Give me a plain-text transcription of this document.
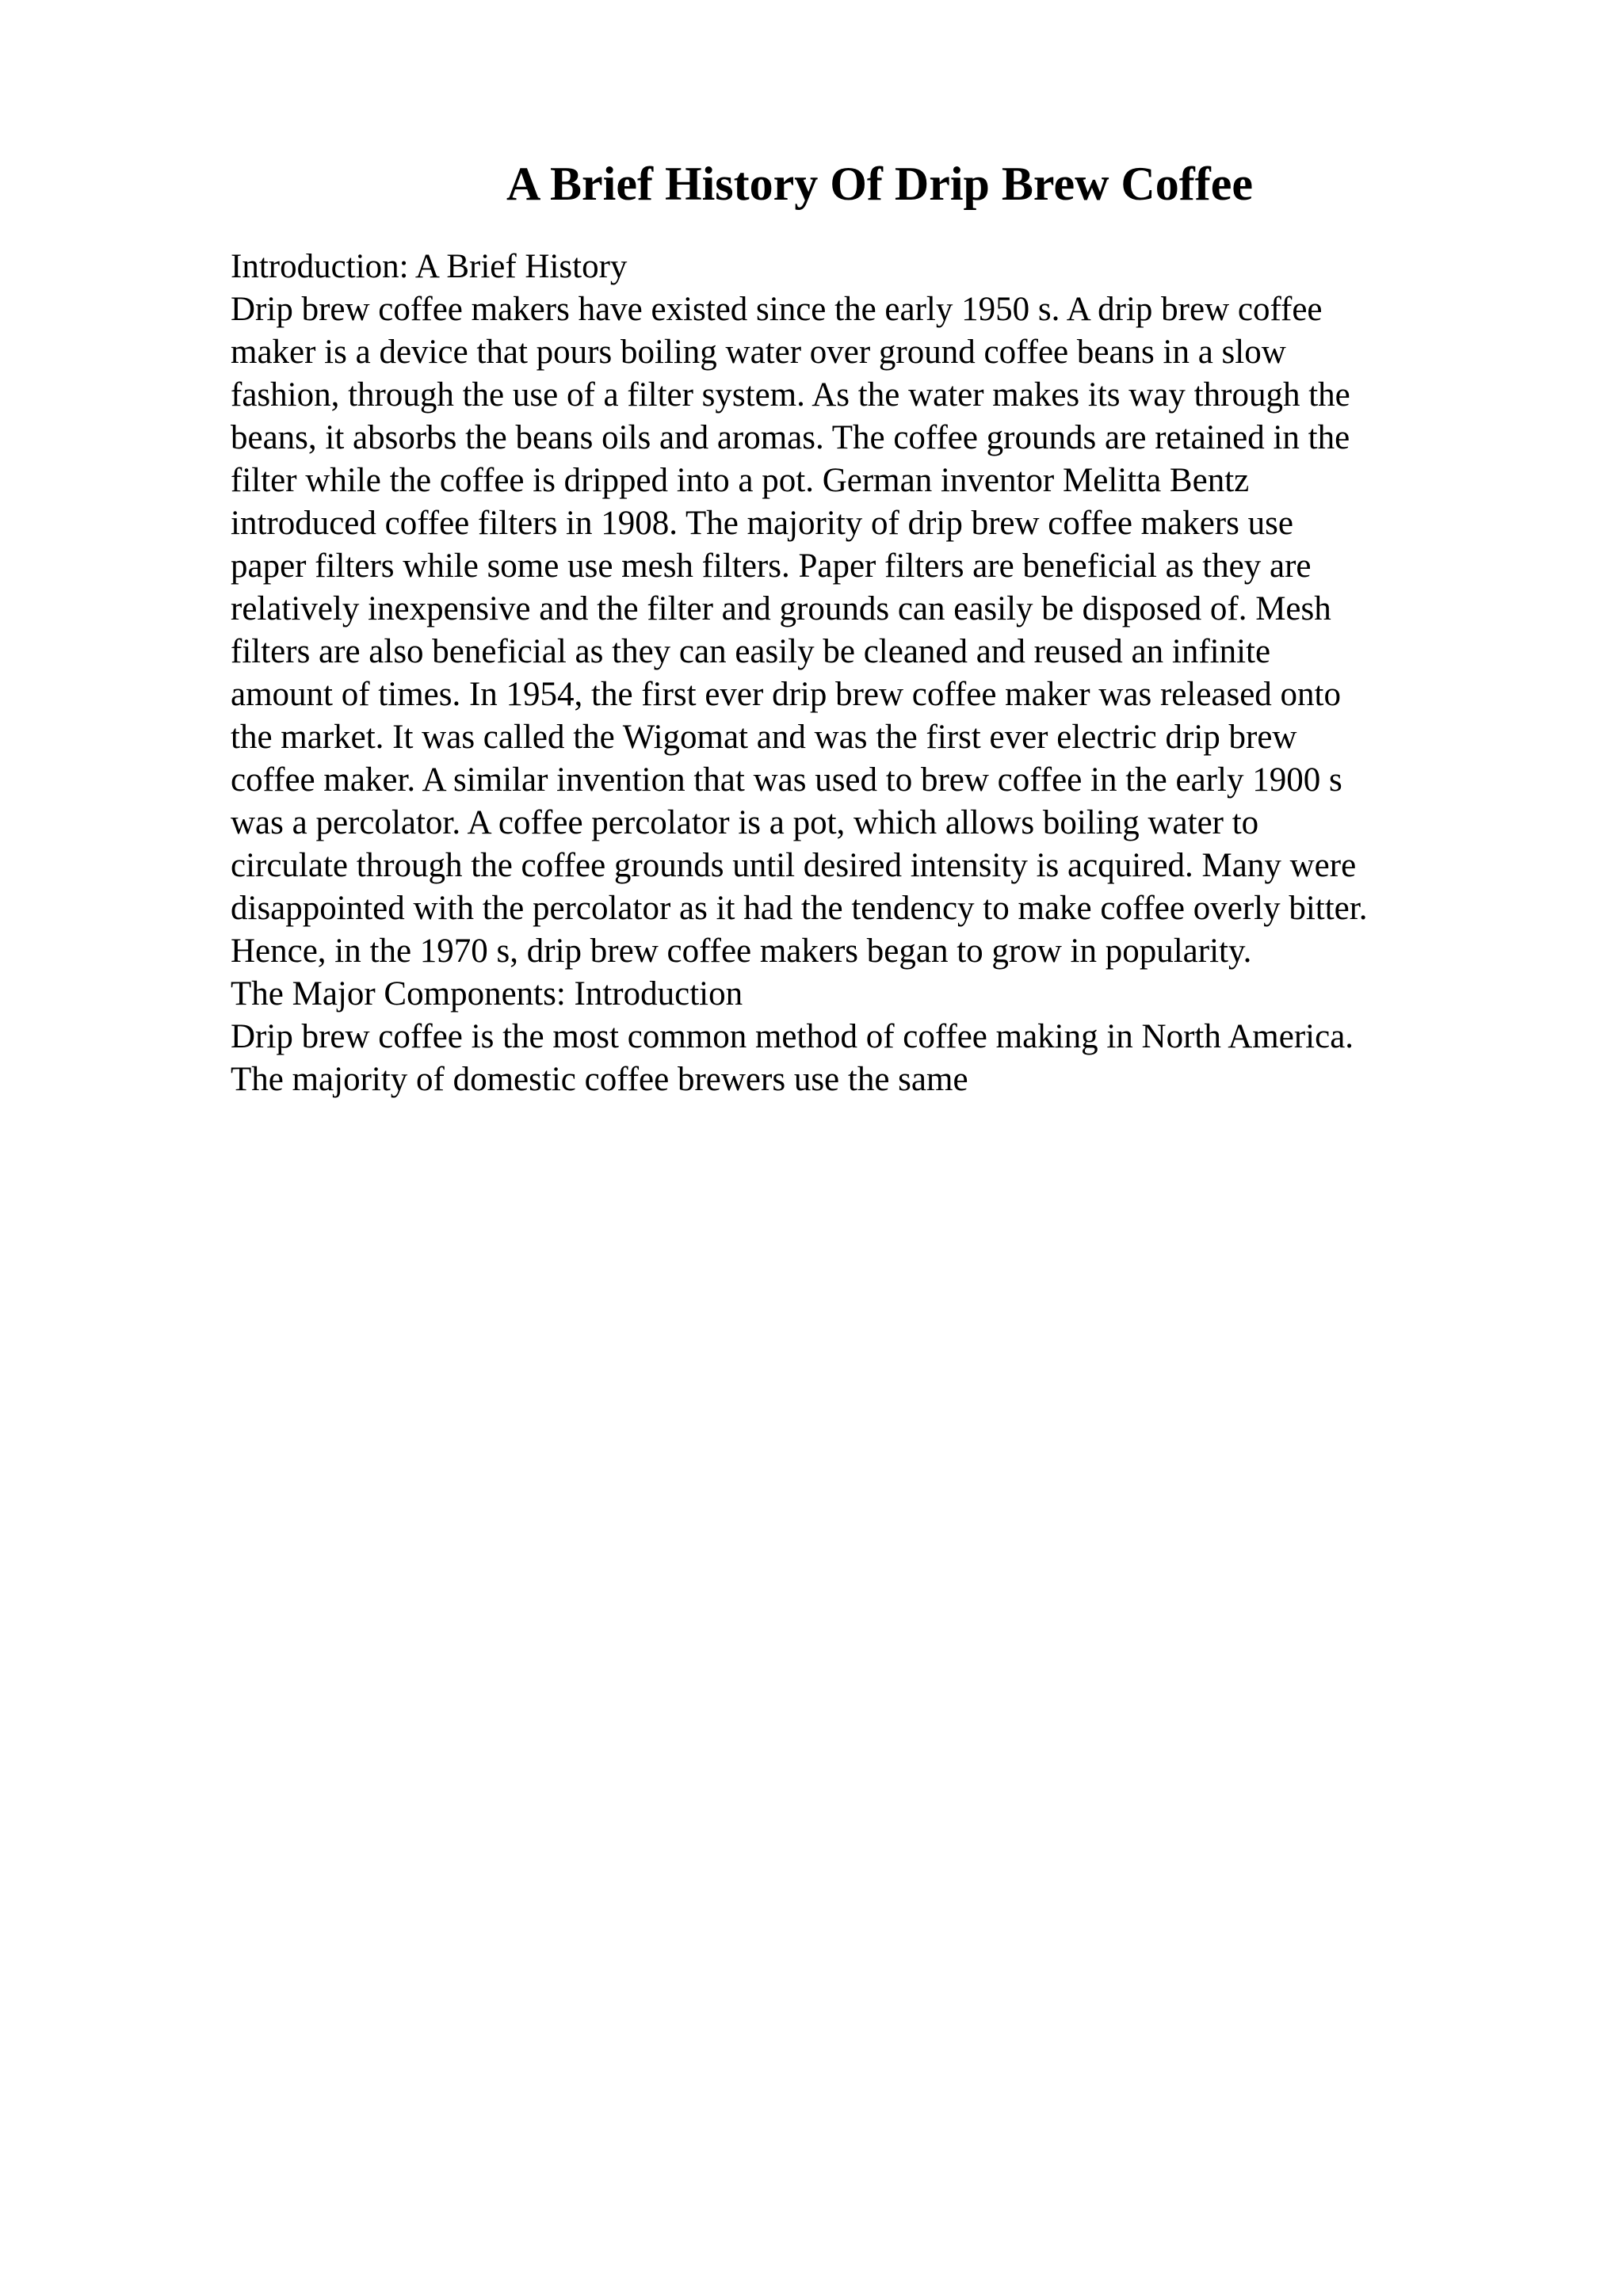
A Brief History Of Drip Brew Coffee
Introduction: A Brief History
Drip brew coffee makers have existed since the early 1950 s. A drip brew coffee
maker is a device that pours boiling water over ground coffee beans in a slow
fashion, through the use of a filter system. As the water makes its way through the
beans, it absorbs the beans oils and aromas. The coffee grounds are retained in the
filter while the coffee is dripped into a pot. German inventor Melitta Bentz
introduced coffee filters in 1908. The majority of drip brew coffee makers use
paper filters while some use mesh filters. Paper filters are beneficial as they are
relatively inexpensive and the filter and grounds can easily be disposed of. Mesh
filters are also beneficial as they can easily be cleaned and reused an infinite
amount of times. In 1954, the first ever drip brew coffee maker was released onto
the market. It was called the Wigomat and was the first ever electric drip brew
coffee maker. A similar invention that was used to brew coffee in the early 1900 s
was a percolator. A coffee percolator is a pot, which allows boiling water to
circulate through the coffee grounds until desired intensity is acquired. Many were
disappointed with the percolator as it had the tendency to make coffee overly bitter.
Hence, in the 1970 s, drip brew coffee makers began to grow in popularity.
The Major Components: Introduction
Drip brew coffee is the most common method of coffee making in North America.
The majority of domestic coffee brewers use the same
